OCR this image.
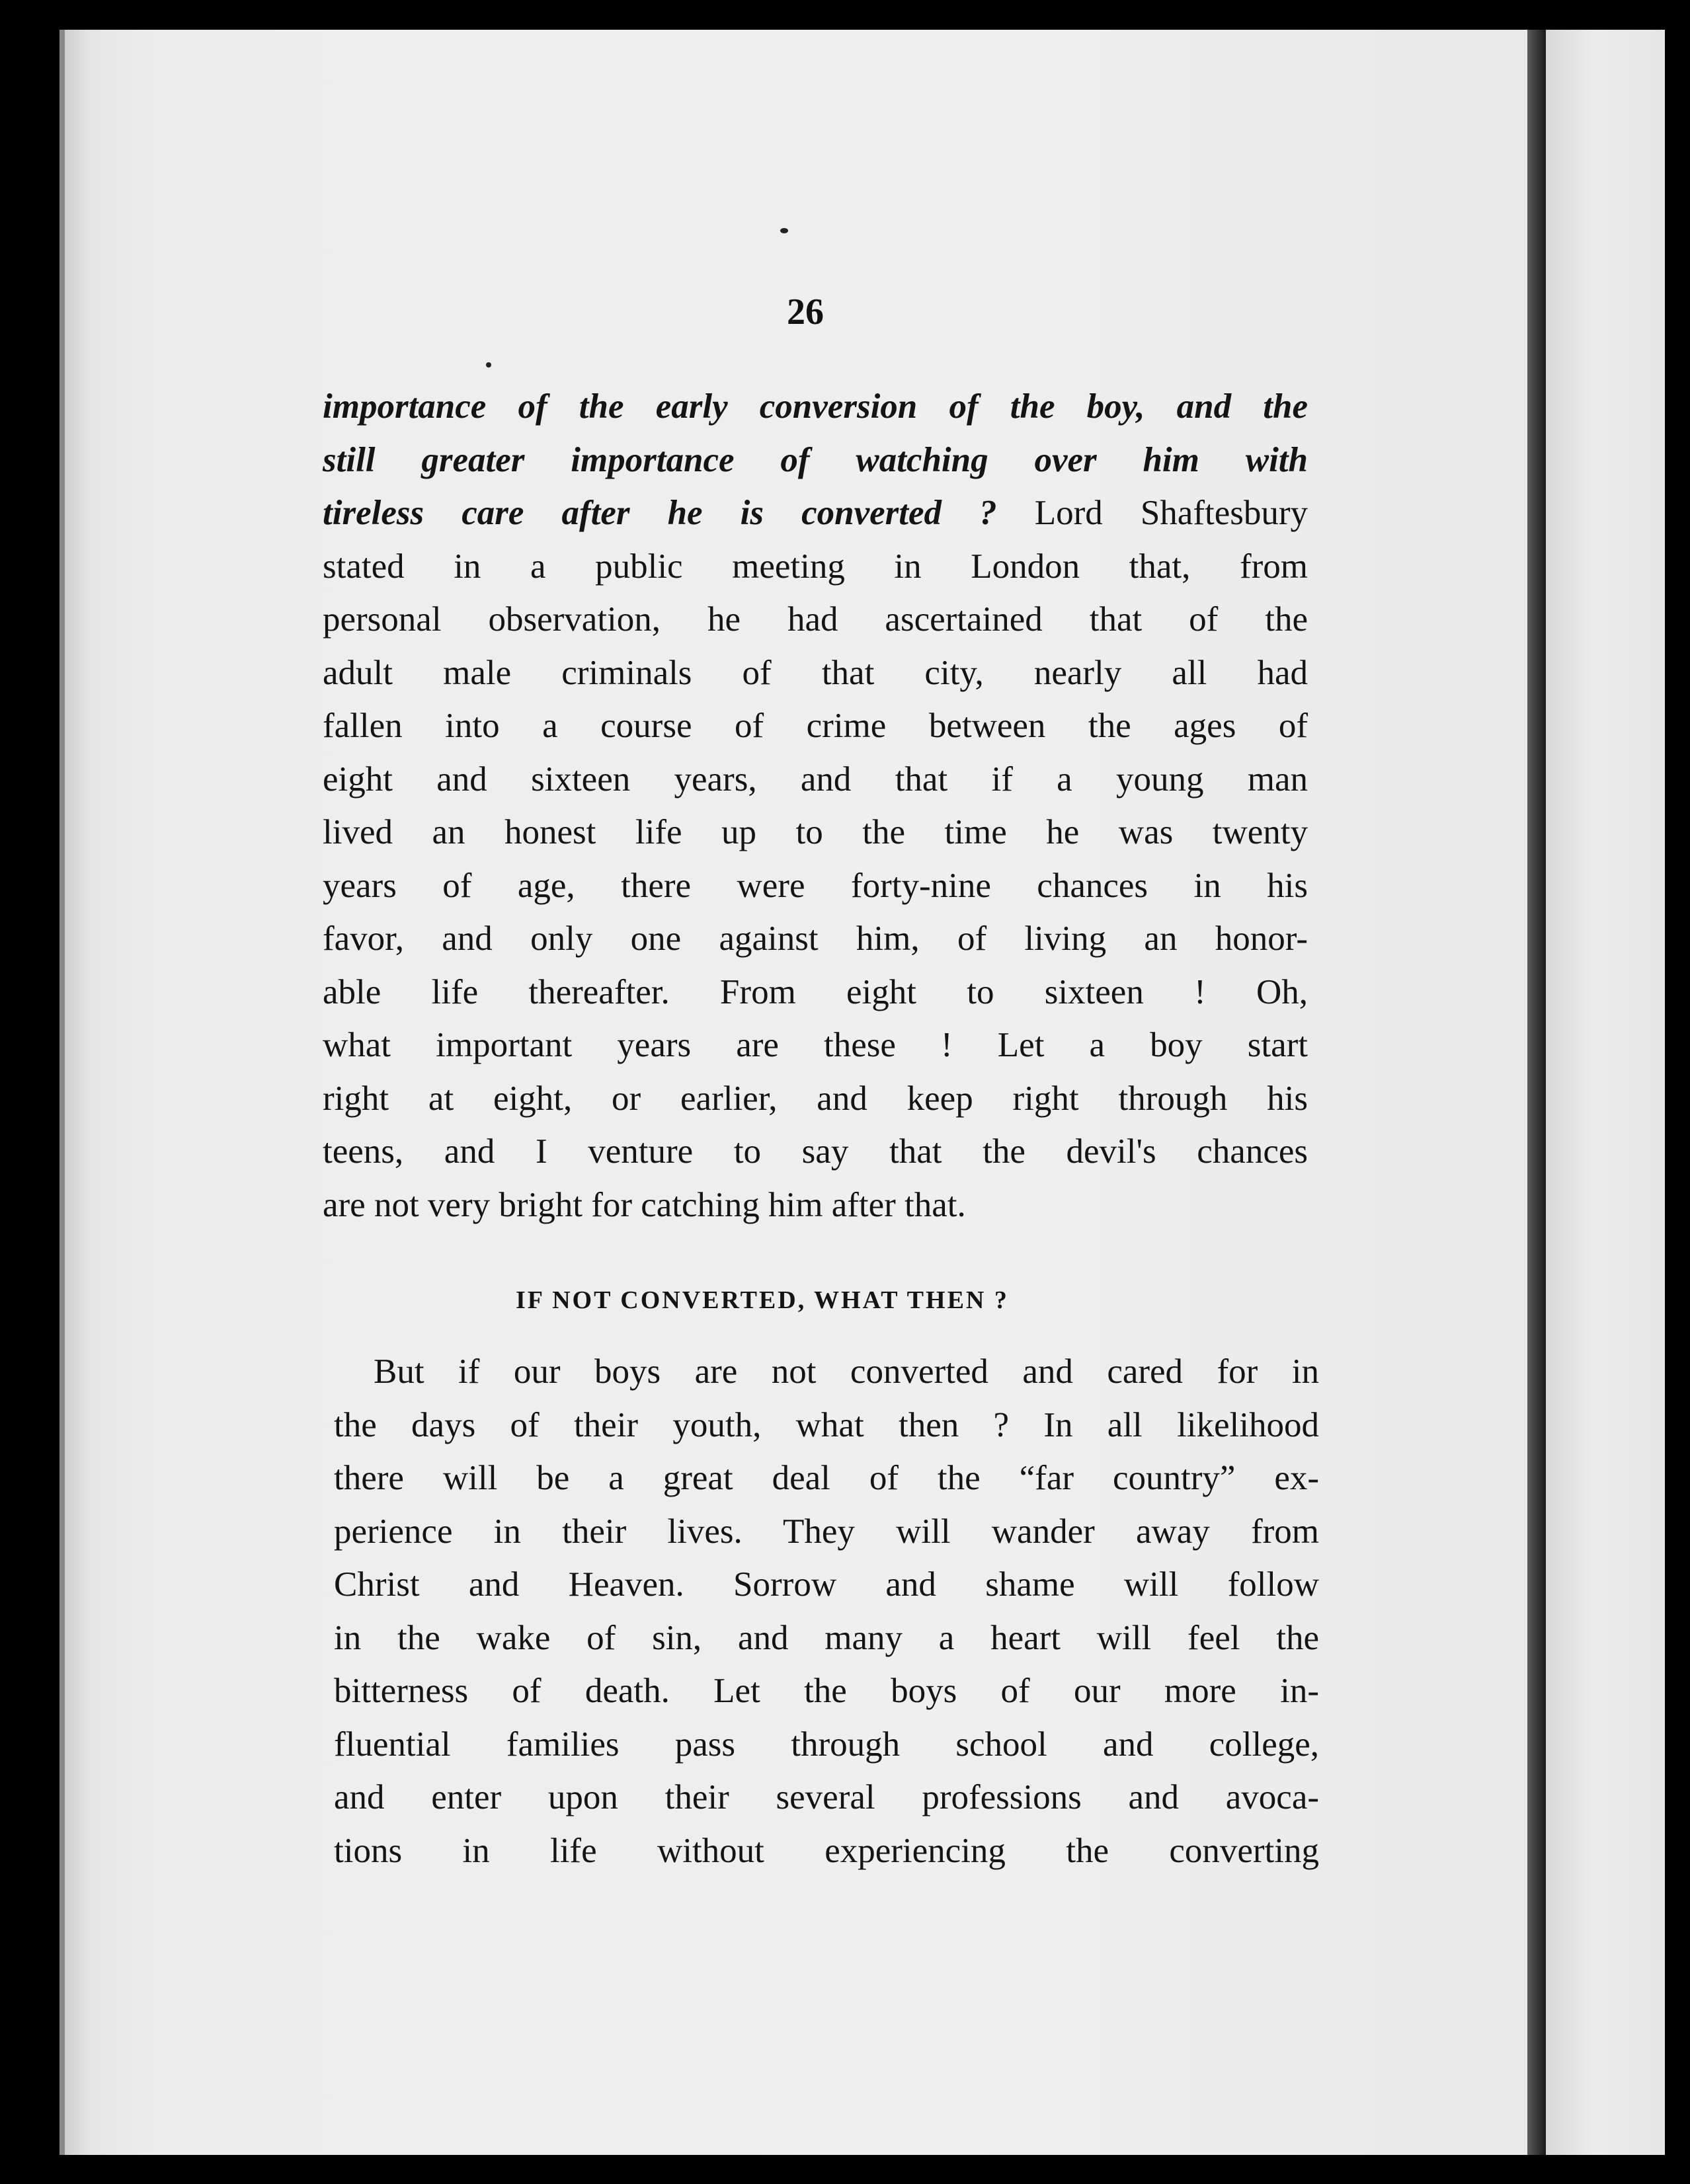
26
importance of the early conversion of the boy, and the
still greater importance of watching over him with
tireless care after he is converted ? Lord Shaftesbury
stated in a public meeting in London that, from
personal observation, he had ascertained that of the
adult male criminals of that city, nearly all had
fallen into a course of crime between the ages of
eight and sixteen years, and that if a young man
lived an honest life up to the time he was twenty
years of age, there were forty-nine chances in his
favor, and only one against him, of living an honor-
able life thereafter. From eight to sixteen ! Oh,
what important years are these ! Let a boy start
right at eight, or earlier, and keep right through his
teens, and I venture to say that the devil's chances
are not very bright for catching him after that.
IF NOT CONVERTED, WHAT THEN ?
But if our boys are not converted and cared for in
the days of their youth, what then ? In all likelihood
there will be a great deal of the “far country” ex-
perience in their lives. They will wander away from
Christ and Heaven. Sorrow and shame will follow
in the wake of sin, and many a heart will feel the
bitterness of death. Let the boys of our more in-
fluential families pass through school and college,
and enter upon their several professions and avoca-
tions in life without experiencing the converting
